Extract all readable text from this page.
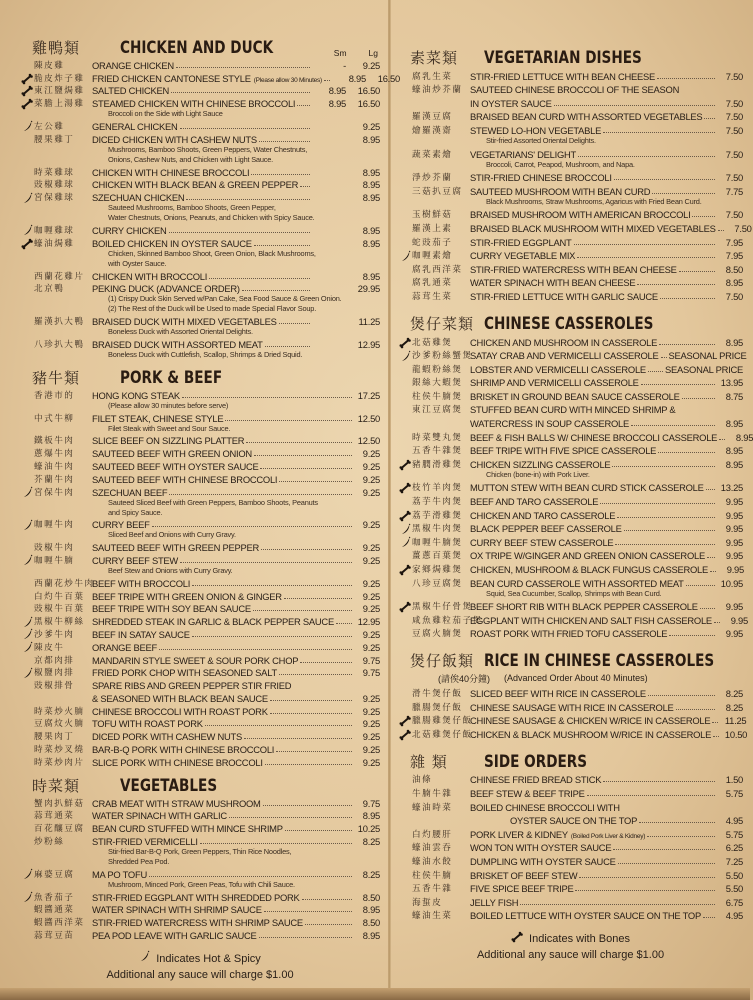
雞鴨類	CHICKEN AND DUCK	Sm	Lg
陳皮雞	ORANGE CHICKEN	-	9.25
脆皮炸子雞 FRIED CHICKEN CANTONESE STYLE (Please allow 30 Minutes)	8.95	16.50
東江鹽焗雞 SALTED CHICKEN	8.95	16.50
菜膽上湯雞 STEAMED CHICKEN WITH CHINESE BROCCOLI	8.95	16.50
Broccoli on the Side with Light Sauce
左公雞	GENERAL CHICKEN	9.25
腰果雞丁	DICED CHICKEN WITH CASHEW NUTS	8.95
Mushrooms, Bamboo Shoots, Green Peppers, Water Chestnuts,
Onions, Cashew Nuts, and Chicken with Light Sauce.
時菜雞球	CHICKEN WITH CHINESE BROCCOLI	8.95
豉椒雞球	CHICKEN WITH BLACK BEAN & GREEN PEPPER	8.95
宮保雞球	SZECHUAN CHICKEN	8.95
Sauteed Mushrooms, Bamboo Shoots, Green Pepper,
Water Chestnuts, Onions, Peanuts, and Chicken with Spicy Sauce.
咖喱雞球	CURRY CHICKEN	8.95
蠔油焗雞	BOILED CHICKEN IN OYSTER SAUCE	8.95
Chicken, Skinned Bamboo Shoot, Green Onion, Black Mushrooms,
with Oyster Sauce.
西蘭花雞片 CHICKEN WITH BROCCOLI	8.95
北京鴨	PEKING DUCK (ADVANCE ORDER)	29.95
(1) Crispy Duck Skin Served w/Pan Cake, Sea Food Sauce & Green Onion.
(2) The Rest of the Duck will be Used to made Special Flavor Soup.
羅漢扒大鴨 BRAISED DUCK WITH MIXED VEGETABLES	11.25
Boneless Duck with Assorted Oriental Delights.
八珍扒大鴨 BRAISED DUCK WITH ASSORTED MEAT	12.95
Boneless Duck with Cuttlefish, Scallop, Shrimps & Dried Squid.
豬牛類	PORK & BEEF
香港市的	HONG KONG STEAK	17.25
(Please allow 30 minutes before serve)
中式牛柳	FILET STEAK, CHINESE STYLE	12.50
Filet Steak with Sweet and Sour Sauce.
鐵板牛肉	SLICE BEEF ON SIZZLING PLATTER	12.50
蔥爆牛肉	SAUTEED BEEF WITH GREEN ONION	9.25
蠔油牛肉	SAUTEED BEEF WITH OYSTER SAUCE	9.25
芥蘭牛肉	SAUTEED BEEF WITH CHINESE BROCCOLI	9.25
宮保牛肉	SZECHUAN BEEF	9.25
Sauteed Sliced Beef with Green Peppers, Bamboo Shoots, Peanuts
and Spicy Sauce.
咖喱牛肉	CURRY BEEF	9.25
Sliced Beef and Onions with Curry Gravy.
豉椒牛肉	SAUTEED BEEF WITH GREEN PEPPER	9.25
咖喱牛腩	CURRY BEEF STEW	9.25
Beef Stew and Onions with Curry Gravy.
西蘭花炒牛肉
BEEF WITH BROCCOLI	9.25
白灼牛百葉 BEEF TRIPE WITH GREEN ONION & GINGER	9.25
豉椒牛百葉 BEEF TRIPE WITH SOY BEAN SAUCE	9.25
黑椒牛柳絲 SHREDDED STEAK IN GARLIC & BLACK PEPPER SAUCE	12.95
沙爹牛肉	BEEF IN SATAY SAUCE	9.25
陳皮牛	ORANGE BEEF	9.25
京都肉排	MANDARIN STYLE SWEET & SOUR PORK CHOP	9.75
椒鹽肉排	FRIED PORK CHOP WITH SEASONED SALT	9.75
豉椒排骨	SPARE RIBS AND GREEN PEPPER STIR FRIED
& SEASONED WITH BLACK BEAN SAUCE	9.25
時菜炒火腩 CHINESE BROCCOLI WITH ROAST PORK	9.25
豆腐炆火腩 TOFU WITH ROAST PORK	9.25
腰果肉丁	DICED PORK WITH CASHEW NUTS	9.25
時菜炒叉燒 BAR-B-Q PORK WITH CHINESE BROCCOLI	9.25
時菜炒肉片 SLICE PORK WITH CHINESE BROCCOLI	9.25
時菜類	VEGETABLES
蟹肉扒鮮菇 CRAB MEAT WITH STRAW MUSHROOM	9.75
蒜茸通菜	WATER SPINACH WITH GARLIC	8.95
百花釀豆腐 BEAN CURD STUFFED WITH MINCE SHRIMP	10.25
炒粉絲	STIR-FRIED VERMICELLI	8.25
Stir-fried Bar-B-Q Pork, Green Peppers, Thin Rice Noodles,
Shredded Pea Pod.
麻婆豆腐	MA PO TOFU	8.25
Mushroom, Minced Pork, Green Peas, Tofu with Chili Sauce.
魚香茄子	STIR-FRIED EGGPLANT WITH SHREDDED PORK	8.50
蝦醬通菜	WATER SPINACH WITH SHRIMP SAUCE	8.95
蝦醬西洋菜 STIR-FRIED WATERCRESS WITH SHRIMP SAUCE	8.50
蒜茸豆苗	PEA POD LEAVE WITH GARLIC SAUCE	8.95
Indicates Hot & Spicy
Additional any sauce will charge $1.00
素菜類	VEGETARIAN DISHES
腐乳生菜	STIR-FRIED LETTUCE WITH BEAN CHEESE	7.50
蠔油炒芥蘭 SAUTEED CHINESE BROCCOLI OF THE SEASON
IN OYSTER SAUCE	7.50
羅漢豆腐	BRAISED BEAN CURD WITH ASSORTED VEGETABLES	7.50
燴羅漢齋	STEWED LO-HON VEGETABLE	7.50
Stir-fried Assorted Oriental Delights.
蔬菜素燴	VEGETARIANS' DELIGHT	7.50
Broccoli, Carrot, Peapod, Mushroom, and Napa.
淨炒芥蘭	STIR-FRIED CHINESE BROCCOLI	7.50
三菇扒豆腐 SAUTEED MUSHROOM WITH BEAN CURD	7.75
Black Mushrooms, Straw Mushrooms, Agaricus with Fried Bean Curd.
玉樹鮮菇	BRAISED MUSHROOM WITH AMERICAN BROCCOLI	7.50
羅漢上素	BRAISED BLACK MUSHROOM WITH MIXED VEGETABLES	7.50
蛇豉茄子	STIR-FRIED EGGPLANT	7.95
咖喱素燴	CURRY VEGETABLE MIX	7.95
腐乳西洋菜 STIR-FRIED WATERCRESS WITH BEAN CHEESE	8.50
腐乳通菜	WATER SPINACH WITH BEAN CHEESE	8.95
蒜茸生菜	STIR-FRIED LETTUCE WITH GARLIC SAUCE	7.50
煲仔菜類 CHINESE CASSEROLES
北菇雞煲	CHICKEN AND MUSHROOM IN CASSEROLE	8.95
沙爹粉絲蟹煲
SATAY CRAB AND VERMICELLI CASSEROLE SEASONAL PRICE
龍蝦粉絲煲 LOBSTER AND VERMICELLI CASSEROLE SEASONAL PRICE
銀絲大蝦煲 SHRIMP AND VERMICELLI CASSEROLE	13.95
柱侯牛腩煲 BRISKET IN GROUND BEAN SAUCE CASSEROLE	8.75
東江豆腐煲 STUFFED BEAN CURD WITH MINCED SHRIMP &
WATERCRESS IN SOUP CASSEROLE	8.95
時菜雙丸煲 BEEF & FISH BALLS W/ CHINESE BROCCOLI CASSEROLE	8.95
五香牛雜煲 BEEF TRIPE WITH FIVE SPICE CASSEROLE	8.95
豬膶滑雞煲 CHICKEN SIZZLING CASSEROLE	8.95
Chicken (bone-in) with Pork Liver.
枝竹羊肉煲 MUTTON STEW WITH BEAN CURD STICK CASSEROLE	13.25
荔芋牛肉煲 BEEF AND TARO CASSEROLE	9.95
荔芋滑雞煲 CHICKEN AND TARO CASSEROLE	9.95
黑椒牛肉煲 BLACK PEPPER BEEF CASSEROLE	9.95
咖喱牛腩煲 CURRY BEEF STEW CASSEROLE	9.95
薑蔥百葉煲 OX TRIPE W/GINGER AND GREEN ONION CASSEROLE	9.95
家鄉焗雞煲 CHICKEN, MUSHROOM & BLACK FUNGUS CASSEROLE	9.95
八珍豆腐煲 BEAN CURD CASSEROLE WITH ASSORTED MEAT	10.95
Squid, Sea Cucumber, Scallop, Shrimps with Bean Curd.
黑椒牛仔骨煲
BEEF SHORT RIB WITH BLACK PEPPER CASSEROLE	9.95
咸魚雞粒茄子煲
EGGPLANT WITH CHICKEN AND SALT FISH CASSEROLE	9.95
豆腐火腩煲 ROAST PORK WITH FRIED TOFU CASSEROLE	9.95
煲仔飯類 RICE IN CHINESE CASSEROLES
(請俟40分鐘) (Advanced Order About 40 Minutes)
滑牛煲仔飯 SLICED BEEF WITH RICE IN CASSEROLE	8.25
臘腸煲仔飯 CHINESE SAUSAGE WITH RICE IN CASSEROLE	8.25
臘腸雞煲仔飯
CHINESE SAUSAGE & CHICKEN W/RICE IN CASSEROLE	11.25
北菇雞煲仔飯
CHICKEN & BLACK MUSHROOM W/RICE IN CASSEROLE	10.50
雜 類	SIDE ORDERS
油條	CHINESE FRIED BREAD STICK	1.50
牛腩牛雜	BEEF STEW & BEEF TRIPE	5.75
蠔油時菜	BOILED CHINESE BROCCOLI WITH
OYSTER SAUCE ON THE TOP	4.95
白灼腰肝	PORK LIVER & KIDNEY (Boiled Pork Liver & Kidney)	5.75
蠔油雲吞	WON TON WITH OYSTER SAUCE	6.25
蠔油水餃	DUMPLING WITH OYSTER SAUCE	7.25
柱侯牛腩	BRISKET OF BEEF STEW	5.50
五香牛雜	FIVE SPICE BEEF TRIPE	5.50
海蜇皮	JELLY FISH	6.75
蠔油生菜	BOILED LETTUCE WITH OYSTER SAUCE ON THE TOP	4.95
Indicates with Bones
Additional any sauce will charge $1.00
